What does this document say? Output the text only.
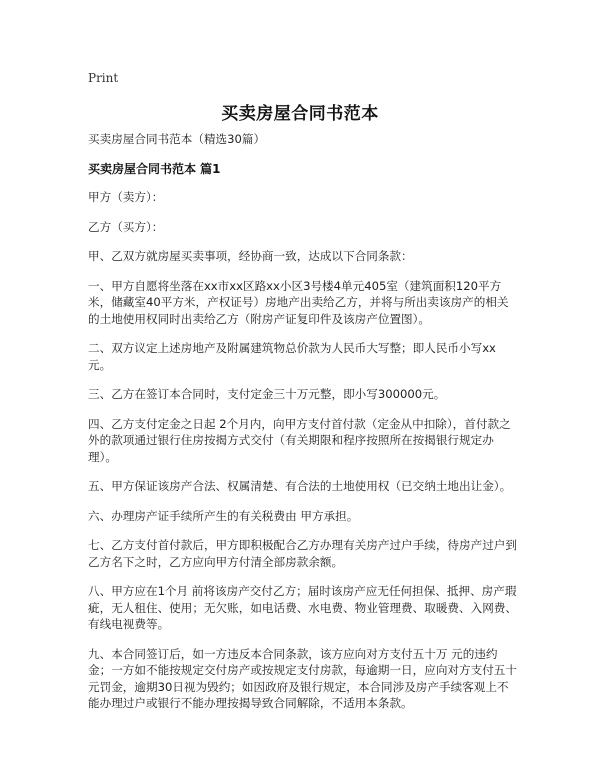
Print
买卖房屋合同书范本

买卖房屋合同书范本（精选30篇）

买卖房屋合同书范本 篇1

甲方（卖方）：

乙方（买方）：

甲、乙双方就房屋买卖事项，经协商一致，达成以下合同条款：

一、甲方自愿将坐落在xx市xx区路xx小区3号楼4单元405室（建筑面积120平方米，储藏室40平方米，产权证号）房地产出卖给乙方，并将与所出卖该房产的相关的土地使用权同时出卖给乙方（附房产证复印件及该房产位置图）。

二、双方议定上述房地产及附属建筑物总价款为人民币大写整；即人民币小写xx元。

三、乙方在签订本合同时，支付定金三十万元整，即小写300000元。

四、乙方支付定金之日起 2个月内，向甲方支付首付款（定金从中扣除），首付款之外的款项通过银行住房按揭方式交付（有关期限和程序按照所在按揭银行规定办理）。

五、甲方保证该房产合法、权属清楚、有合法的土地使用权（已交纳土地出让金）。

六、办理房产证手续所产生的有关税费由 甲方承担。

七、乙方支付首付款后，甲方即积极配合乙方办理有关房产过户手续，待房产过户到乙方名下之时，乙方应向甲方付清全部房款余额。

八、甲方应在1个月 前将该房产交付乙方；届时该房产应无任何担保、抵押、房产瑕疵，无人租住、使用；无欠账，如电话费、水电费、物业管理费、取暖费、入网费、有线电视费等。

九、本合同签订后，如一方违反本合同条款，该方应向对方支付五十万 元的违约金；一方如不能按规定交付房产或按规定支付房款，每逾期一日，应向对方支付五十元罚金，逾期30日视为毁约；如因政府及银行规定，本合同涉及房产手续客观上不能办理过户或银行不能办理按揭导致合同解除，不适用本条款。
